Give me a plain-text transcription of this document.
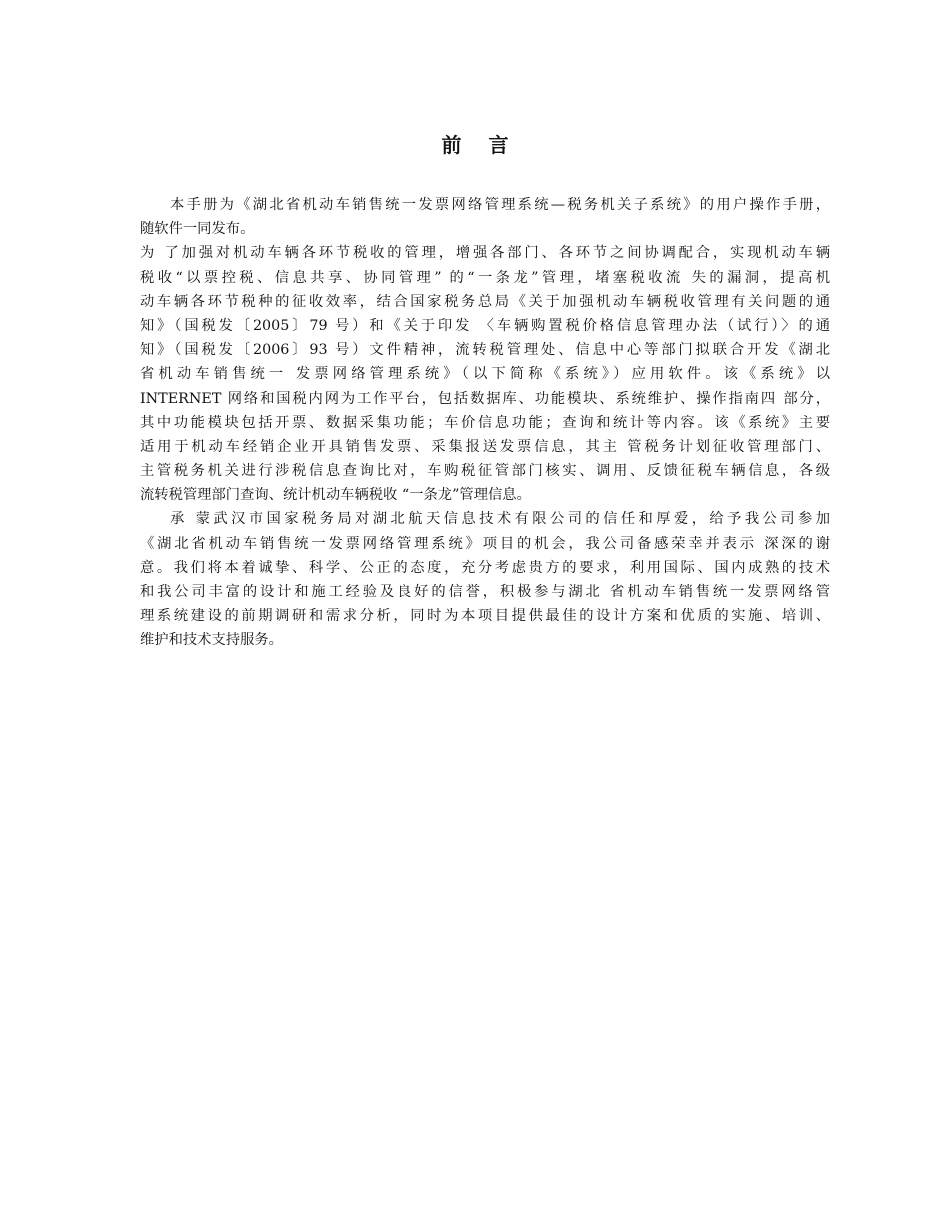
前 言
本手册为《湖北省机动车销售统一发票网络管理系统—税务机关子系统》的用户操作手册，
随软件一同发布。
为 了加强对机动车辆各环节税收的管理，增强各部门、各环节之间协调配合，实现机动车辆
税收“以票控税、信息共享、协同管理” 的“一条龙”管理，堵塞税收流 失的漏洞，提高机
动车辆各环节税种的征收效率，结合国家税务总局《关于加强机动车辆税收管理有关问题的通
知》（国税发〔2005〕79 号）和《关于印发 〈车辆购置税价格信息管理办法（试行）〉的通
知》（国税发〔2006〕93 号）文件精神，流转税管理处、信息中心等部门拟联合开发《湖北
省机动车销售统一 发票网络管理系统》（以下简称《系统》）应用软件。该《系统》以
INTERNET 网络和国税内网为工作平台，包括数据库、功能模块、系统维护、操作指南四 部分，
其中功能模块包括开票、数据采集功能；车价信息功能；查询和统计等内容。该《系统》主要
适用于机动车经销企业开具销售发票、采集报送发票信息，其主 管税务计划征收管理部门、
主管税务机关进行涉税信息查询比对，车购税征管部门核实、调用、反馈征税车辆信息，各级
流转税管理部门查询、统计机动车辆税收 “一条龙”管理信息。
承 蒙武汉市国家税务局对湖北航天信息技术有限公司的信任和厚爱，给予我公司参加
《湖北省机动车销售统一发票网络管理系统》项目的机会，我公司备感荣幸并表示 深深的谢
意。我们将本着诚挚、科学、公正的态度，充分考虑贵方的要求，利用国际、国内成熟的技术
和我公司丰富的设计和施工经验及良好的信誉，积极参与湖北 省机动车销售统一发票网络管
理系统建设的前期调研和需求分析，同时为本项目提供最佳的设计方案和优质的实施、培训、
维护和技术支持服务。
